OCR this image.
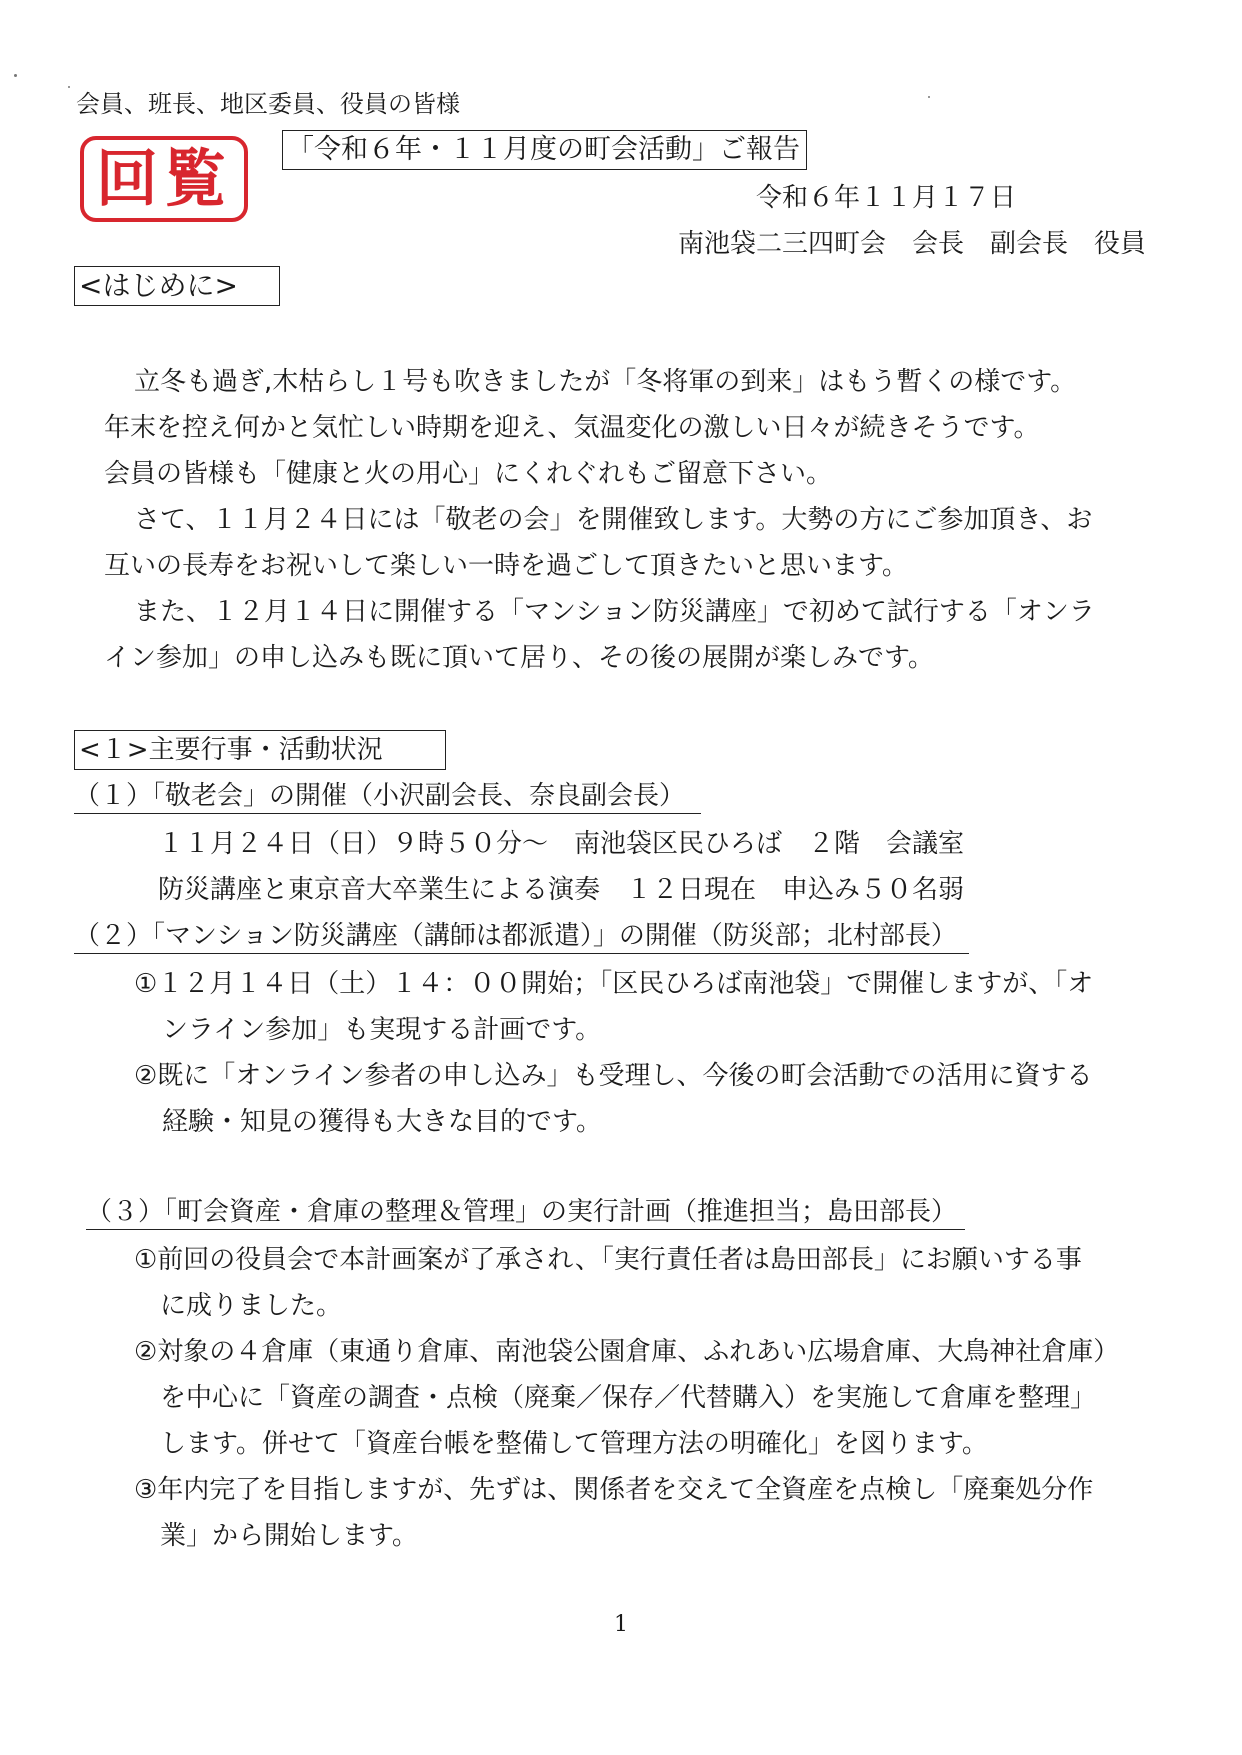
会員、班長、地区委員、役員の皆様
回覧	「令和６年・１１月度の町会活動」ご報告
令和６年１１月１７日
南池袋二三四町会　会長　副会長　役員
<はじめに>
立冬も過ぎ,木枯らし１号も吹きましたが「冬将軍の到来」はもう暫くの様です。
年末を控え何かと気忙しい時期を迎え、気温変化の激しい日々が続きそうです。
会員の皆様も「健康と火の用心」にくれぐれもご留意下さい。
さて、１１月２４日には「敬老の会」を開催致します。大勢の方にご参加頂き、お
互いの長寿をお祝いして楽しい一時を過ごして頂きたいと思います。
また、１２月１４日に開催する「マンション防災講座」で初めて試行する「オンラ
イン参加」の申し込みも既に頂いて居り、その後の展開が楽しみです。
<１>主要行事・活動状況
（１）「敬老会」の開催（小沢副会長、奈良副会長）
１１月２４日（日）９時５０分～　南池袋区民ひろば　２階　会議室
防災講座と東京音大卒業生による演奏　１２日現在　申込み５０名弱
（２）「マンション防災講座（講師は都派遣）」の開催（防災部；北村部長）
①１２月１４日（土）１４：００開始；「区民ひろば南池袋」で開催しますが、「オ
ンライン参加」も実現する計画です。
②既に「オンライン参者の申し込み」も受理し、今後の町会活動での活用に資する
経験・知見の獲得も大きな目的です。
（３）「町会資産・倉庫の整理＆管理」の実行計画（推進担当；島田部長）
①前回の役員会で本計画案が了承され、「実行責任者は島田部長」にお願いする事
に成りました。
②対象の４倉庫（東通り倉庫、南池袋公園倉庫、ふれあい広場倉庫、大鳥神社倉庫）
を中心に「資産の調査・点検（廃棄／保存／代替購入）を実施して倉庫を整理」
します。併せて「資産台帳を整備して管理方法の明確化」を図ります。
③年内完了を目指しますが、先ずは、関係者を交えて全資産を点検し「廃棄処分作
業」から開始します。
1
